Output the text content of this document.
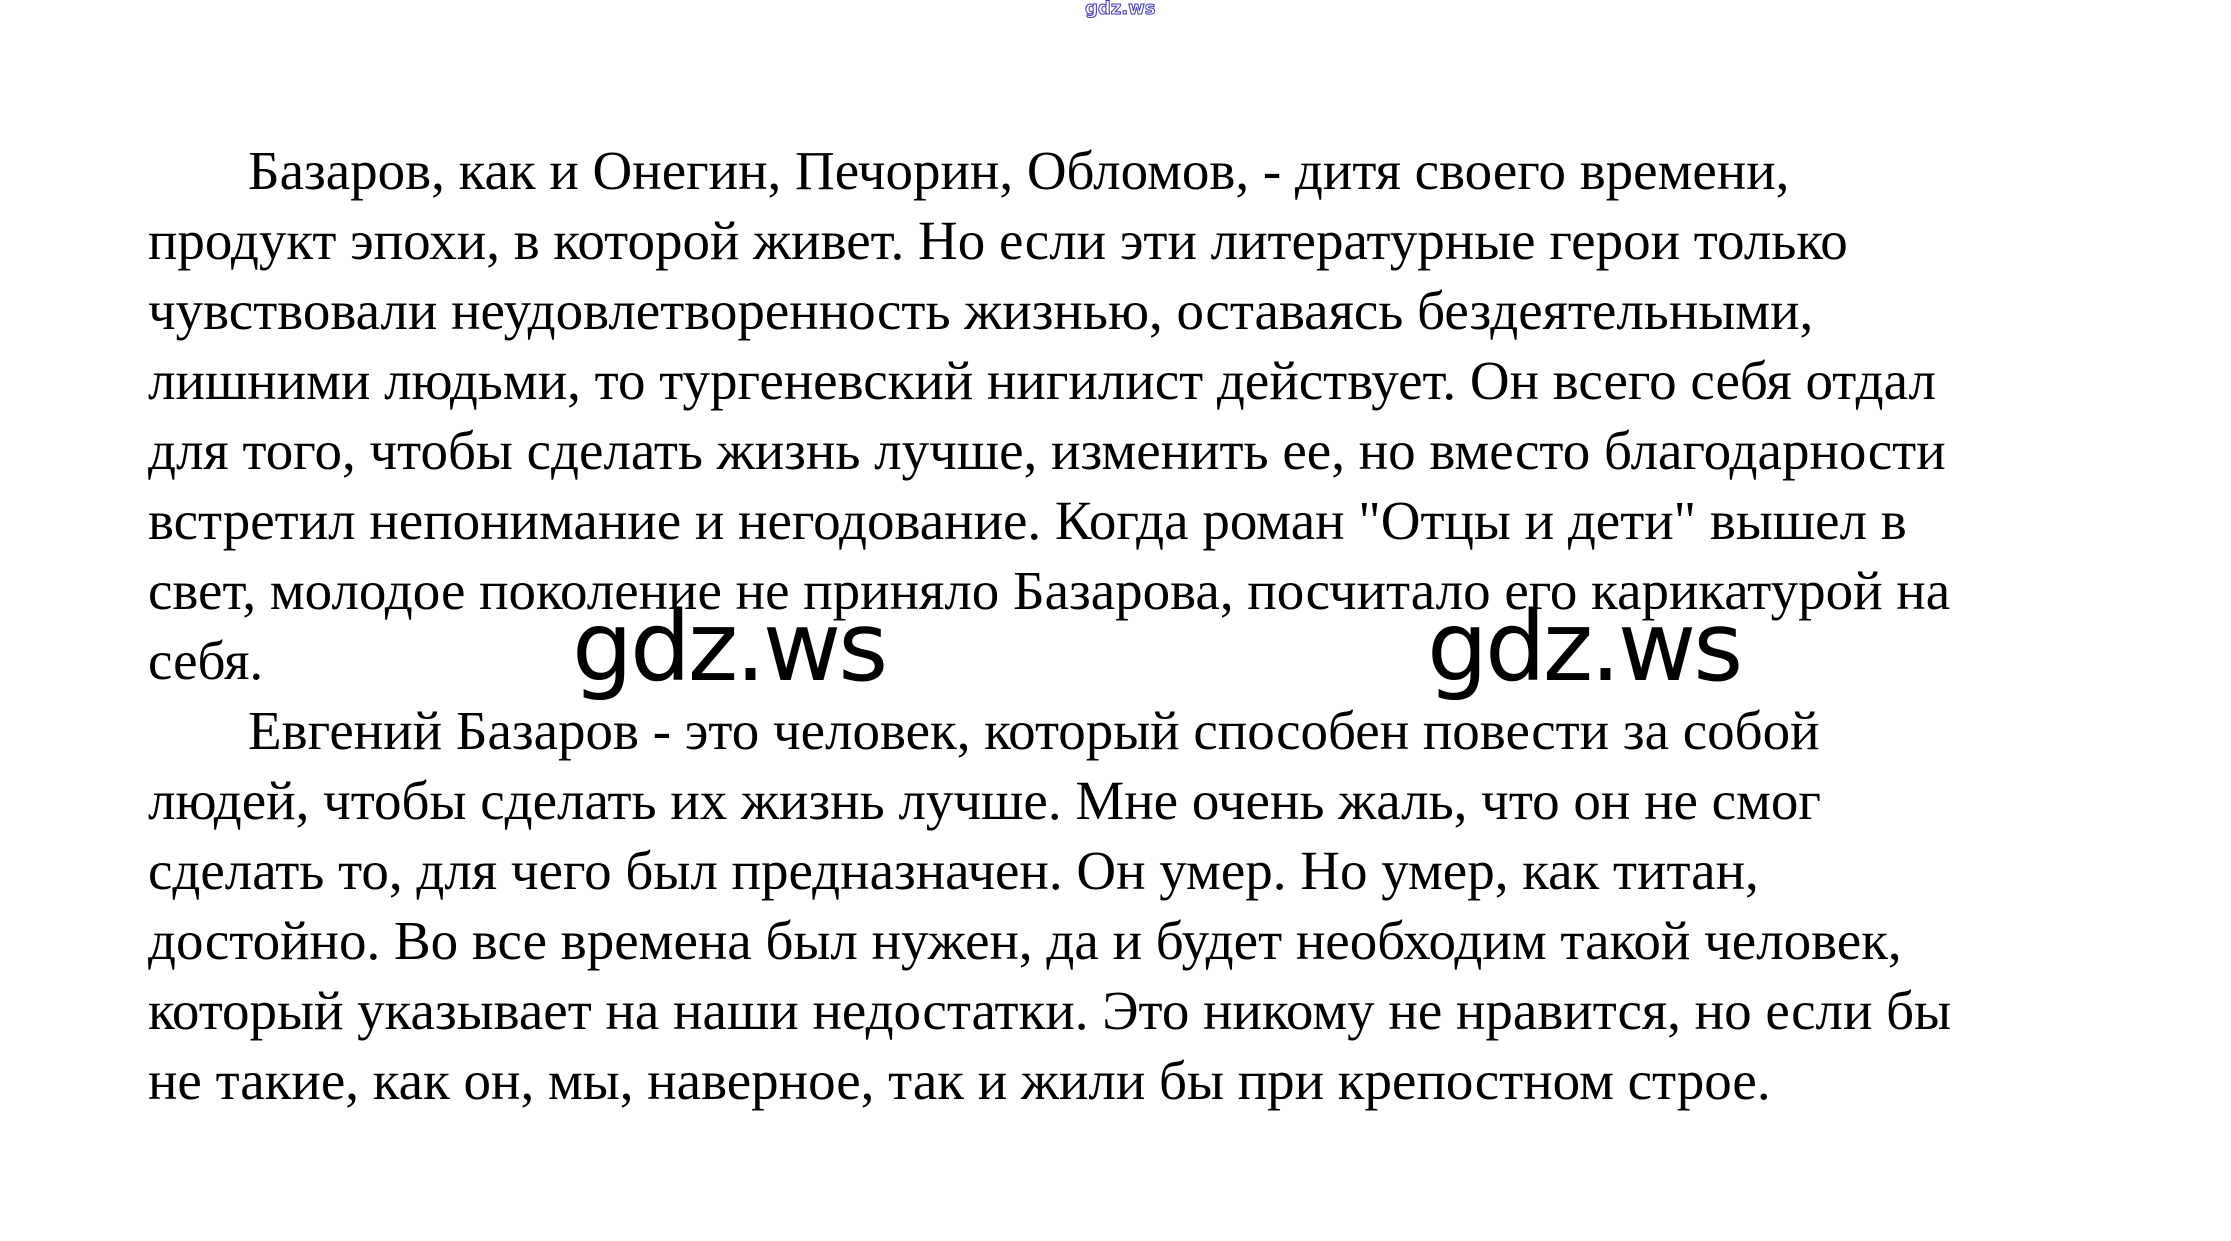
gdz.ws
Базаров, как и Онегин, Печорин, Обломов, - дитя своего времени,
продукт эпохи, в которой живет. Но если эти литературные герои только
чувствовали неудовлетворенность жизнью, оставаясь бездеятельными,
лишними людьми, то тургеневский нигилист действует. Он всего себя отдал
для того, чтобы сделать жизнь лучше, изменить ее, но вместо благодарности
встретил непонимание и негодование. Когда роман "Отцы и дети" вышел в
свет, молодое поколение не приняло Базарова, посчитало его карикатурой на
себя.
Евгений Базаров - это человек, который способен повести за собой
людей, чтобы сделать их жизнь лучше. Мне очень жаль, что он не смог
сделать то, для чего был предназначен. Он умер. Но умер, как титан,
достойно. Во все времена был нужен, да и будет необходим такой человек,
который указывает на наши недостатки. Это никому не нравится, но если бы
не такие, как он, мы, наверное, так и жили бы при крепостном строе.
gdz.ws	gdz.ws
